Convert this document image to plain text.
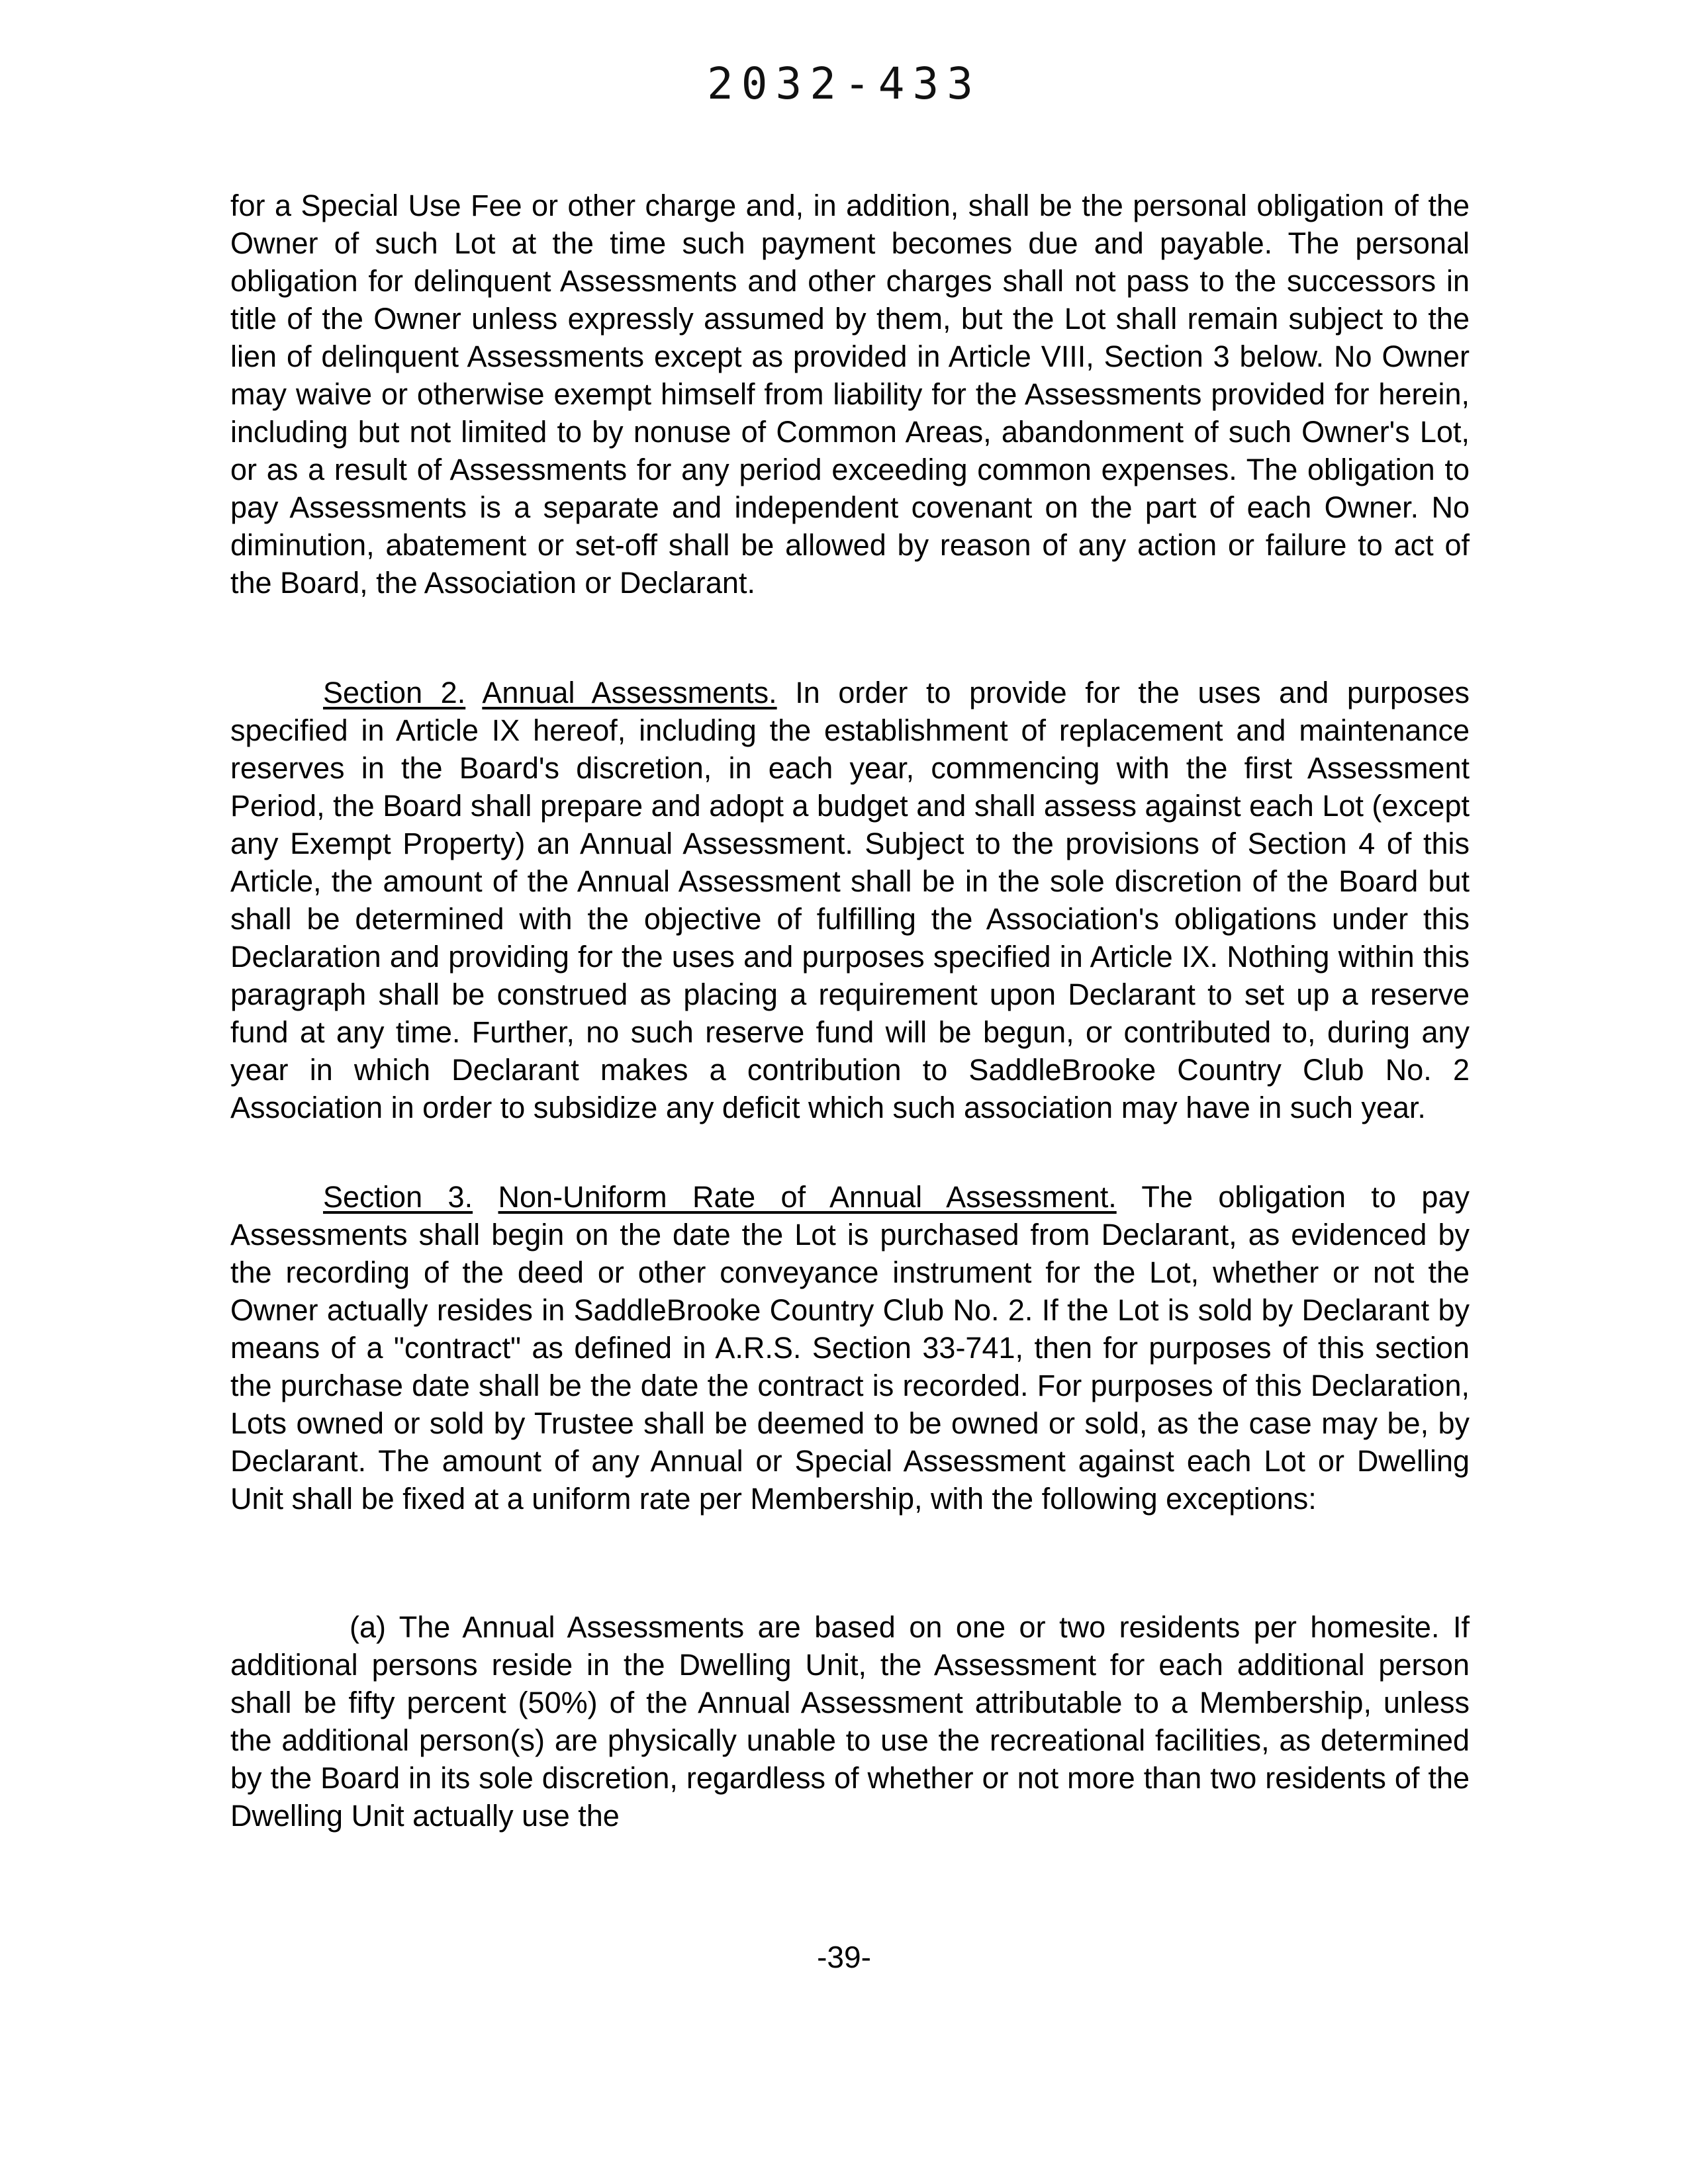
2032-433

for a Special Use Fee or other charge and, in addition, shall be the personal obligation of the Owner of such Lot at the time such payment becomes due and payable. The personal obligation for delinquent Assessments and other charges shall not pass to the successors in title of the Owner unless expressly assumed by them, but the Lot shall remain subject to the lien of delinquent Assessments except as provided in Article VIII, Section 3 below. No Owner may waive or otherwise exempt himself from liability for the Assessments provided for herein, including but not limited to by nonuse of Common Areas, abandonment of such Owner's Lot, or as a result of Assessments for any period exceeding common expenses. The obligation to pay Assessments is a separate and independent covenant on the part of each Owner. No diminution, abatement or set-off shall be allowed by reason of any action or failure to act of the Board, the Association or Declarant.

Section 2. Annual Assessments. In order to provide for the uses and purposes specified in Article IX hereof, including the establishment of replacement and maintenance reserves in the Board's discretion, in each year, commencing with the first Assessment Period, the Board shall prepare and adopt a budget and shall assess against each Lot (except any Exempt Property) an Annual Assessment. Subject to the provisions of Section 4 of this Article, the amount of the Annual Assessment shall be in the sole discretion of the Board but shall be determined with the objective of fulfilling the Association's obligations under this Declaration and providing for the uses and purposes specified in Article IX. Nothing within this paragraph shall be construed as placing a requirement upon Declarant to set up a reserve fund at any time. Further, no such reserve fund will be begun, or contributed to, during any year in which Declarant makes a contribution to SaddleBrooke Country Club No. 2 Association in order to subsidize any deficit which such association may have in such year.

Section 3. Non-Uniform Rate of Annual Assessment. The obligation to pay Assessments shall begin on the date the Lot is purchased from Declarant, as evidenced by the recording of the deed or other conveyance instrument for the Lot, whether or not the Owner actually resides in SaddleBrooke Country Club No. 2. If the Lot is sold by Declarant by means of a "contract" as defined in A.R.S. Section 33-741, then for purposes of this section the purchase date shall be the date the contract is recorded. For purposes of this Declaration, Lots owned or sold by Trustee shall be deemed to be owned or sold, as the case may be, by Declarant. The amount of any Annual or Special Assessment against each Lot or Dwelling Unit shall be fixed at a uniform rate per Membership, with the following exceptions:

(a) The Annual Assessments are based on one or two residents per homesite. If additional persons reside in the Dwelling Unit, the Assessment for each additional person shall be fifty percent (50%) of the Annual Assessment attributable to a Membership, unless the additional person(s) are physically unable to use the recreational facilities, as determined by the Board in its sole discretion, regardless of whether or not more than two residents of the Dwelling Unit actually use the

-39-
